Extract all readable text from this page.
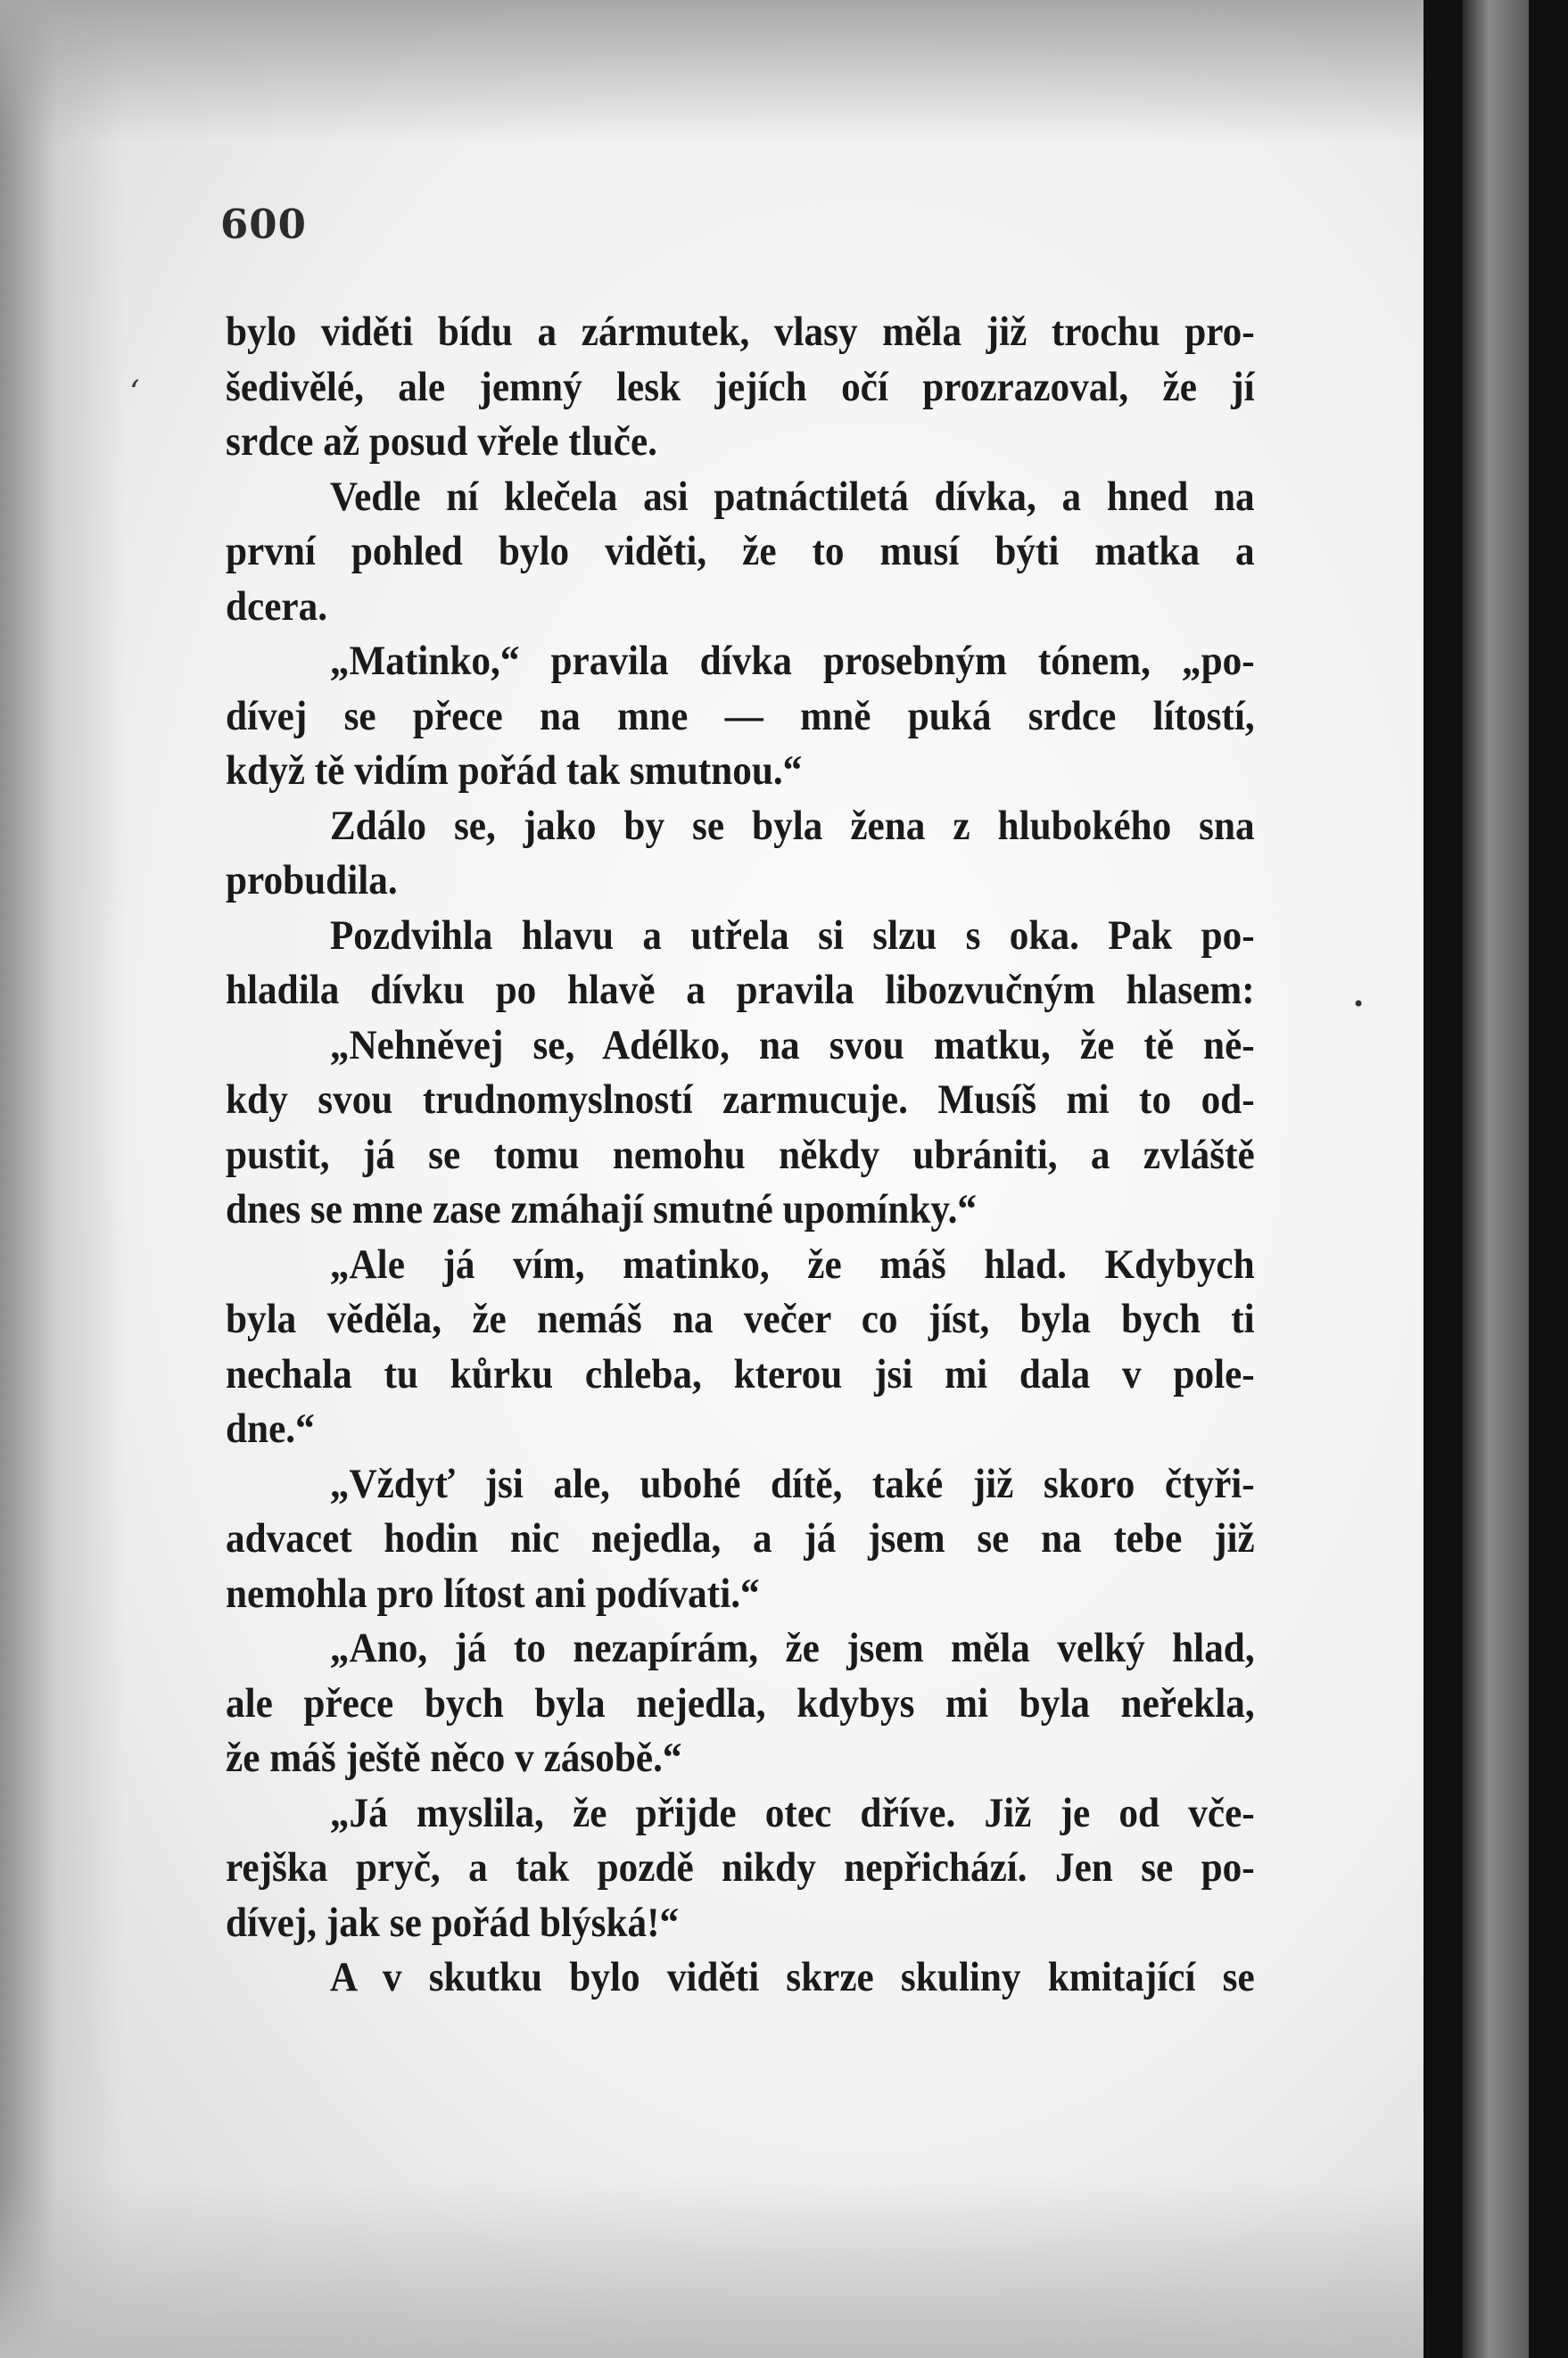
ʻ
•
600
bylo viděti bídu a zármutek, vlasy měla již trochu pro-
šedivělé, ale jemný lesk jejích očí prozrazoval, že jí
srdce až posud vřele tluče.
Vedle ní klečela asi patnáctiletá dívka, a hned na
první pohled bylo viděti, že to musí býti matka a
dcera.
„Matinko,“ pravila dívka prosebným tónem, „po-
dívej se přece na mne — mně puká srdce lítostí,
když tě vidím pořád tak smutnou.“
Zdálo se, jako by se byla žena z hlubokého sna
probudila.
Pozdvihla hlavu a utřela si slzu s oka. Pak po-
hladila dívku po hlavě a pravila libozvučným hlasem:
„Nehněvej se, Adélko, na svou matku, že tě ně-
kdy svou trudnomyslností zarmucuje. Musíš mi to od-
pustit, já se tomu nemohu někdy ubrániti, a zvláště
dnes se mne zase zmáhají smutné upomínky.“
„Ale já vím, matinko, že máš hlad. Kdybych
byla věděla, že nemáš na večer co jíst, byla bych ti
nechala tu kůrku chleba, kterou jsi mi dala v pole-
dne.“
„Vždyť jsi ale, ubohé dítě, také již skoro čtyři-
advacet hodin nic nejedla, a já jsem se na tebe již
nemohla pro lítost ani podívati.“
„Ano, já to nezapírám, že jsem měla velký hlad,
ale přece bych byla nejedla, kdybys mi byla neřekla,
že máš ještě něco v zásobě.“
„Já myslila, že přijde otec dříve. Již je od vče-
rejška pryč, a tak pozdě nikdy nepřichází. Jen se po-
dívej, jak se pořád blýská!“
A v skutku bylo viděti skrze skuliny kmitající se
